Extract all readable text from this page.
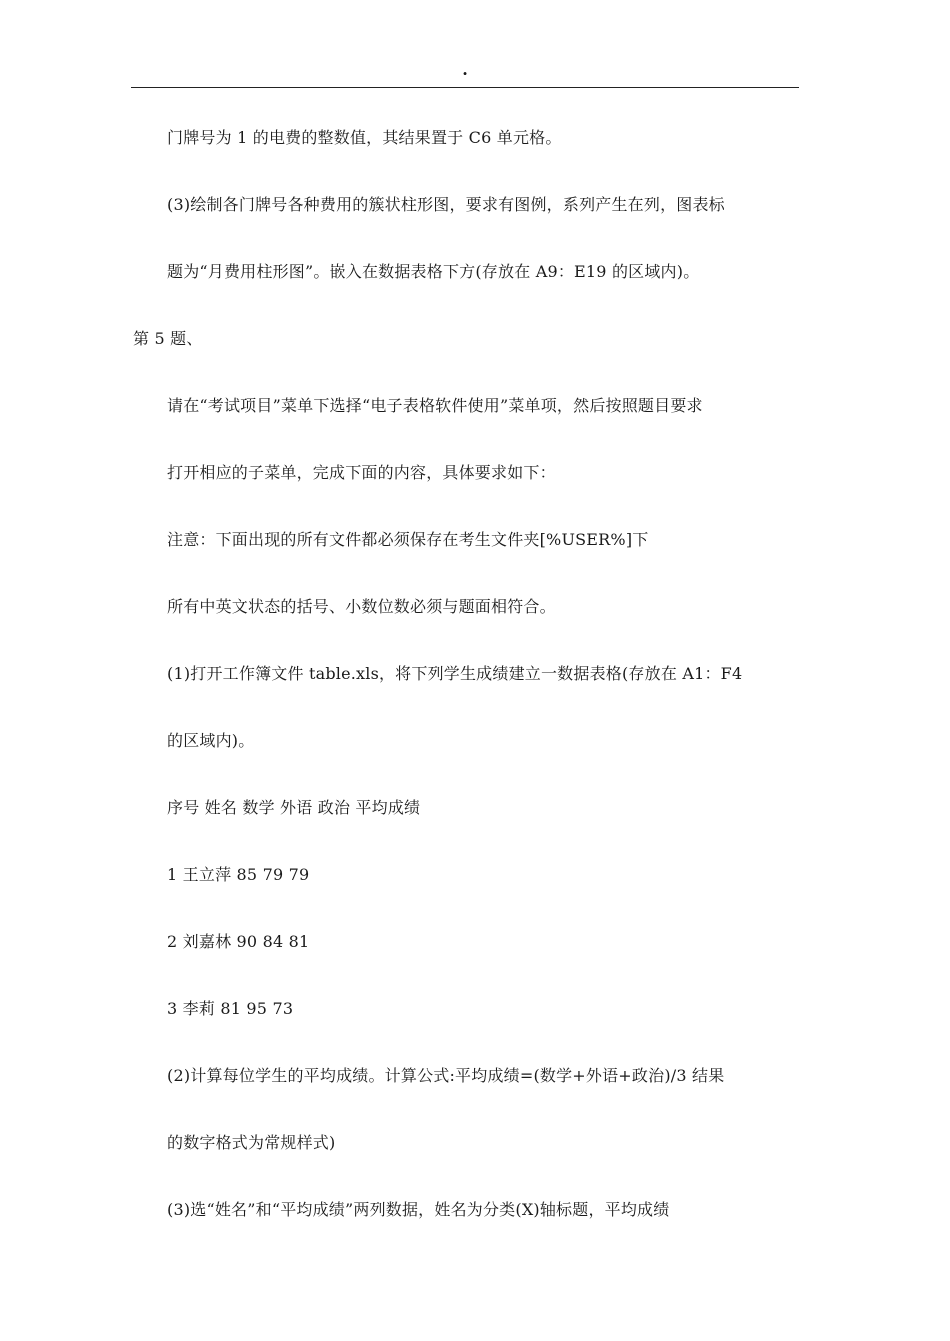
.
门牌号为 1 的电费的整数值，其结果置于 C6 单元格。
(3)绘制各门牌号各种费用的簇状柱形图，要求有图例，系列产生在列，图表标
题为“月费用柱形图”。嵌入在数据表格下方(存放在 A9：E19 的区域内)。
第 5 题、
请在“考试项目”菜单下选择“电子表格软件使用”菜单项，然后按照题目要求
打开相应的子菜单，完成下面的内容，具体要求如下：
注意：下面出现的所有文件都必须保存在考生文件夹[%USER%]下
所有中英文状态的括号、小数位数必须与题面相符合。
(1)打开工作簿文件 table.xls，将下列学生成绩建立一数据表格(存放在 A1：F4
的区域内)。
序号 姓名 数学 外语 政治 平均成绩
1 王立萍 85 79 79
2 刘嘉林 90 84 81
3 李莉 81 95 73
(2)计算每位学生的平均成绩。计算公式:平均成绩=(数学+外语+政治)/3 结果
的数字格式为常规样式)
(3)选“姓名”和“平均成绩”两列数据，姓名为分类(X)轴标题，平均成绩
